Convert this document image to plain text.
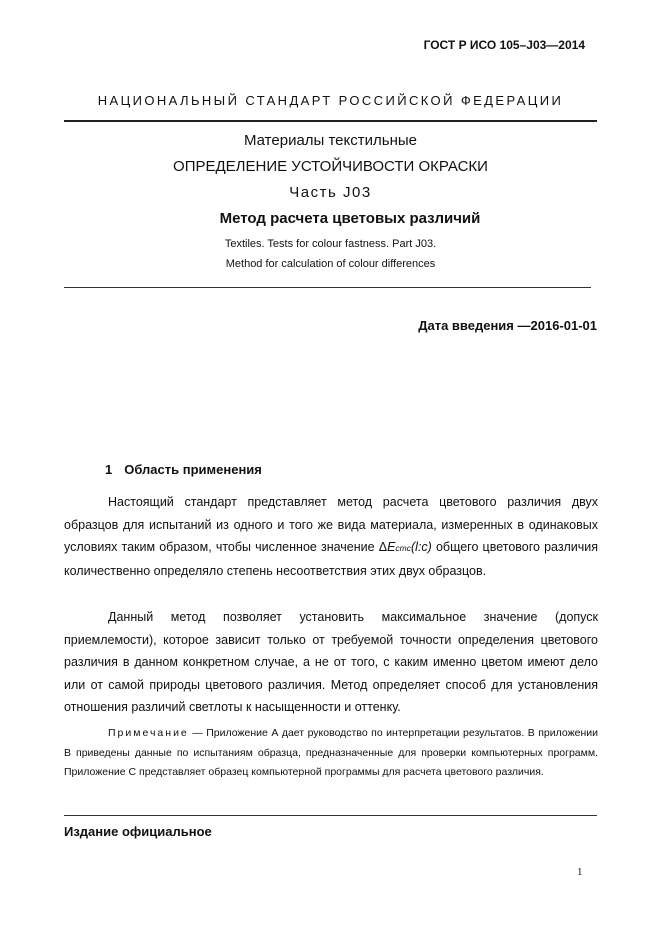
ГОСТ Р ИСО 105–J03—2014
НАЦИОНАЛЬНЫЙ СТАНДАРТ РОССИЙСКОЙ ФЕДЕРАЦИИ
Материалы текстильные
ОПРЕДЕЛЕНИЕ УСТОЙЧИВОСТИ ОКРАСКИ
Часть J03
Метод расчета цветовых различий
Textiles. Tests for colour fastness. Part J03.
Method for calculation of colour differences
Дата введения —2016-01-01
1 Область применения
Настоящий стандарт представляет метод расчета цветового различия двух образцов для испытаний из одного и того же вида материала, измеренных в одинаковых условиях таким образом, чтобы численное значение ΔEcmc(l:c) общего цветового различия количественно определяло степень несоответствия этих двух образцов.
Данный метод позволяет установить максимальное значение (допуск приемлемости), которое зависит только от требуемой точности определения цветового различия в данном конкретном случае, а не от того, с каким именно цветом имеют дело или от самой природы цветового различия. Метод определяет способ для установления отношения различий светлоты к насыщенности и оттенку.
Примечание — Приложение А дает руководство по интерпретации результатов. В приложении В приведены данные по испытаниям образца, предназначенные для проверки компьютерных программ. Приложение С представляет образец компьютерной программы для расчета цветового различия.
Издание официальное
1
